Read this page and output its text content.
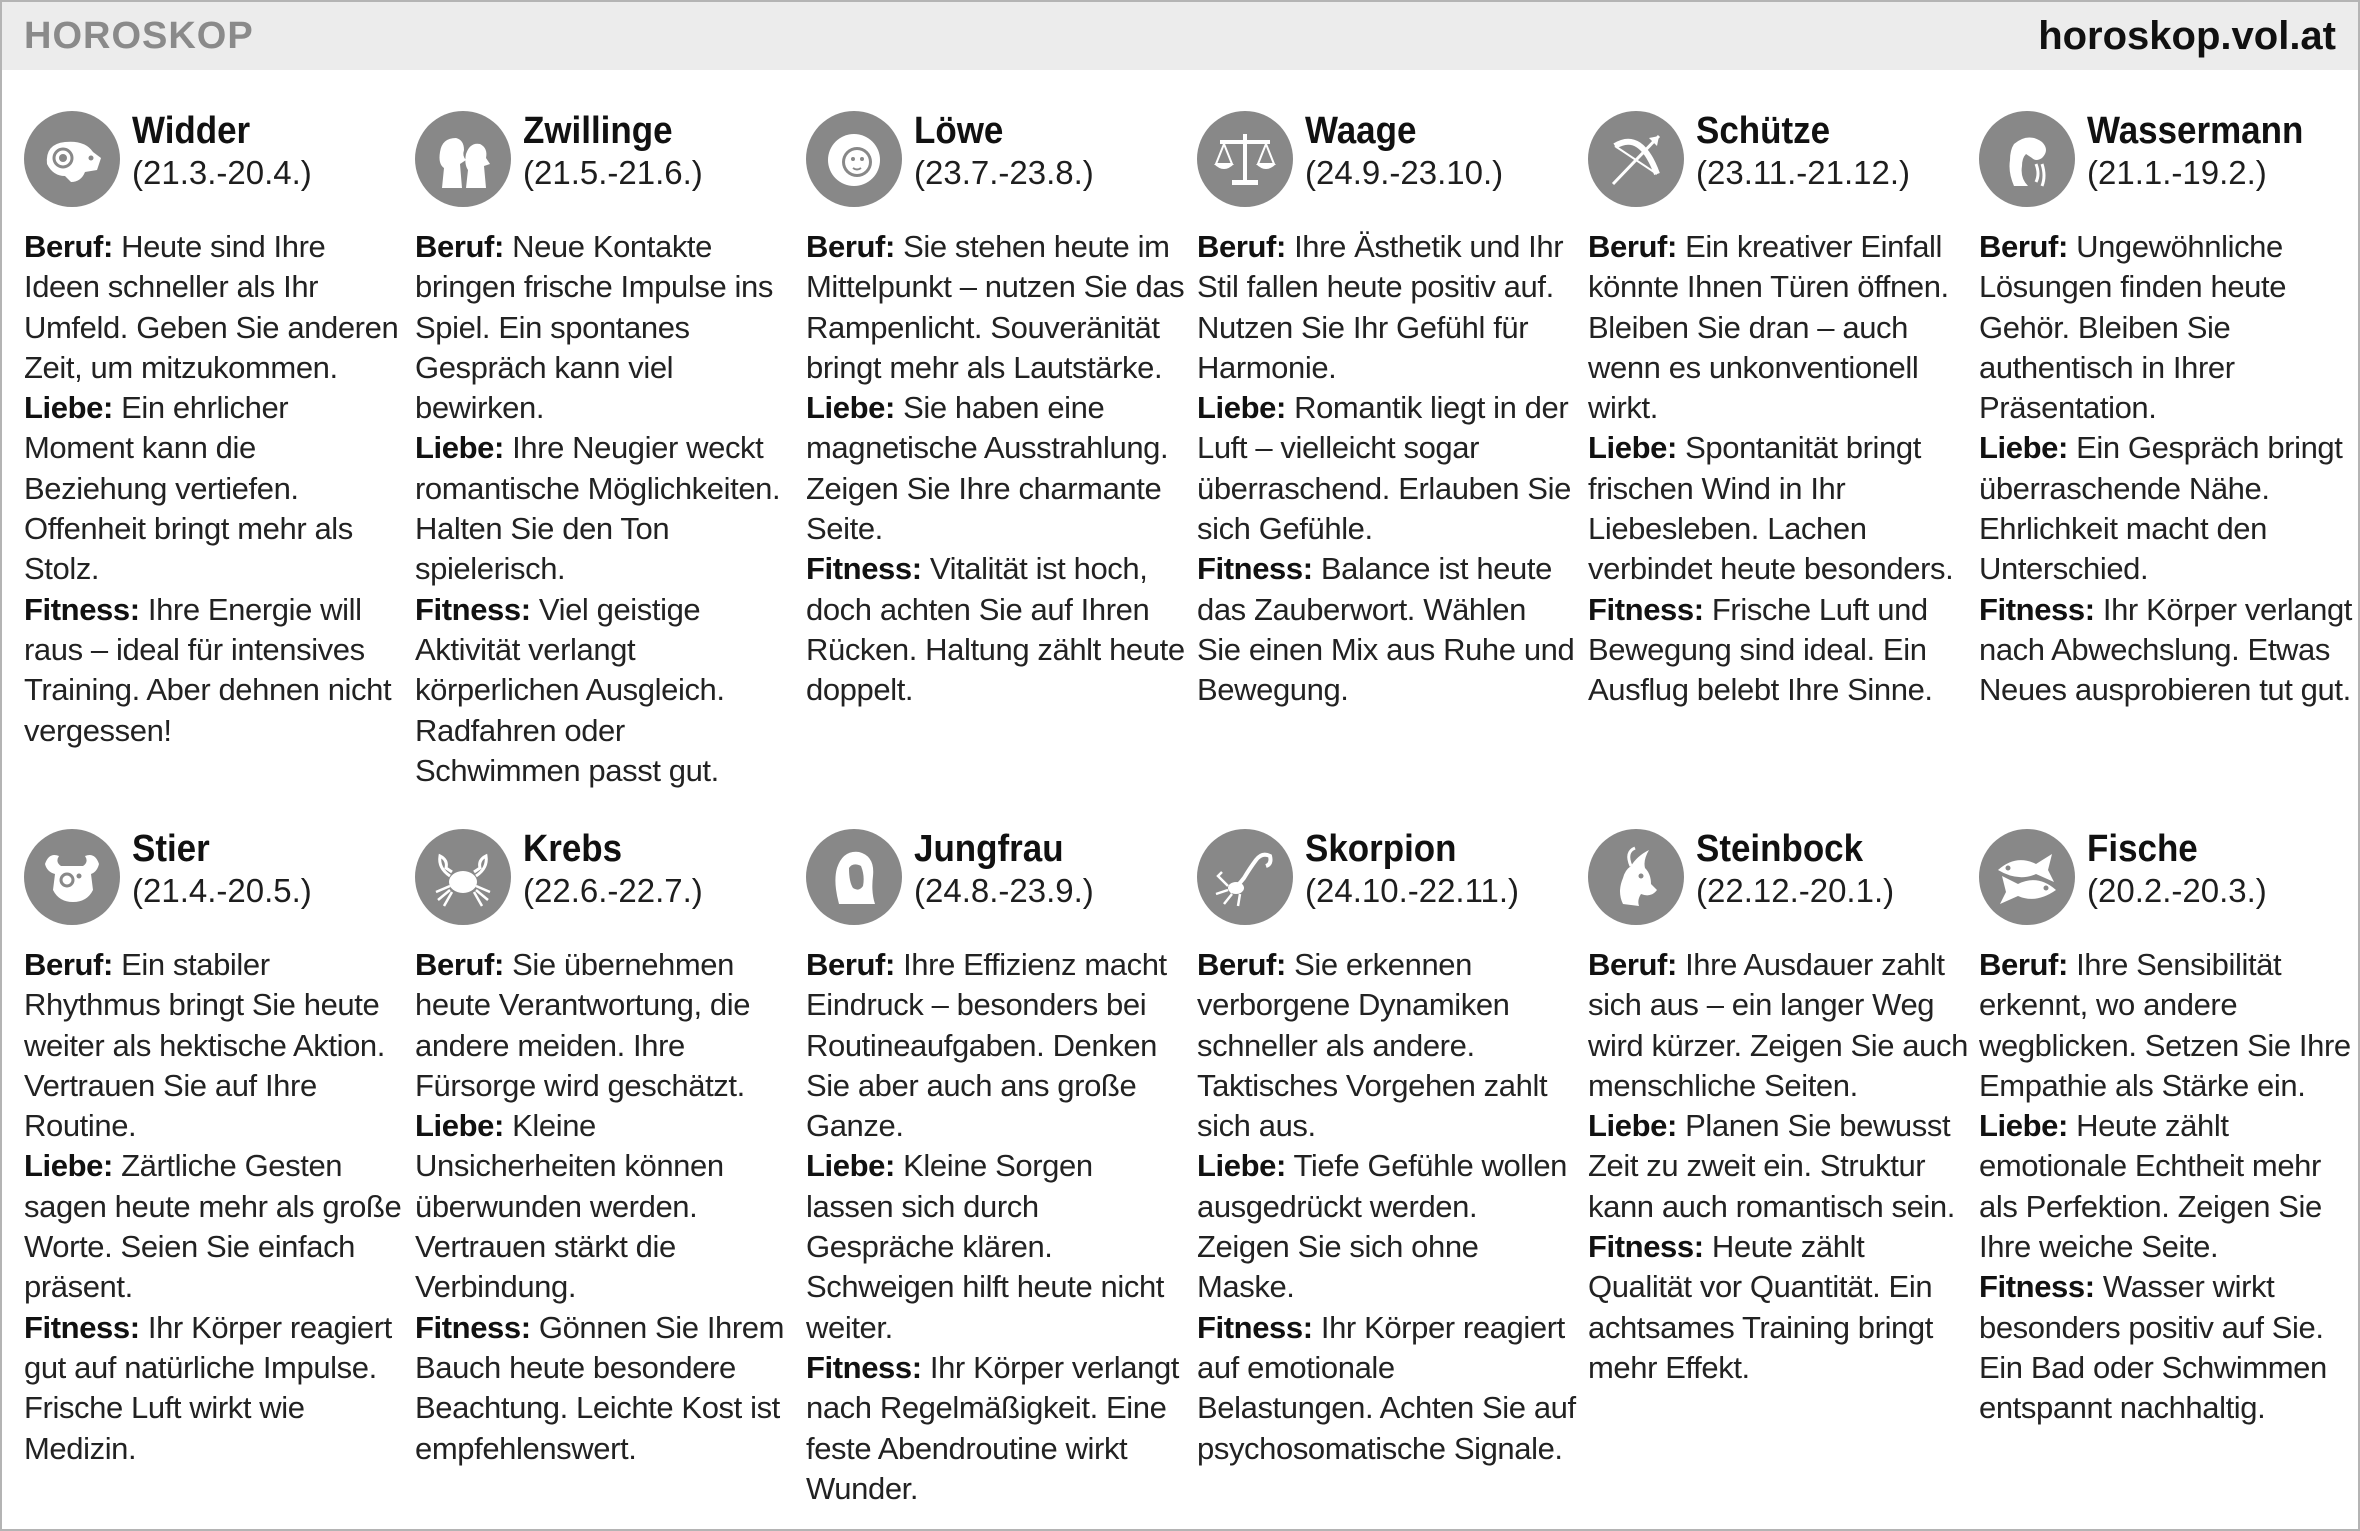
HOROSKOP	horoskop.vol.at
Widder
(21.3.-20.4.)

Beruf: Heute sind Ihre Ideen schneller als Ihr Umfeld. Geben Sie anderen Zeit, um mitzukommen.

Liebe: Ein ehrlicher Moment kann die Beziehung vertiefen. Offenheit bringt mehr als Stolz.

Fitness: Ihre Energie will raus – ideal für intensives Training. Aber dehnen nicht vergessen!

Zwillinge
(21.5.-21.6.)

Beruf: Neue Kontakte bringen frische Impulse ins Spiel. Ein spontanes Gespräch kann viel bewirken.

Liebe: Ihre Neugier weckt romantische Möglichkeiten. Halten Sie den Ton spielerisch.

Fitness: Viel geistige Aktivität verlangt körperlichen Ausgleich. Radfahren oder Schwimmen passt gut.

Löwe
(23.7.-23.8.)

Beruf: Sie stehen heute im Mittelpunkt – nutzen Sie das Rampenlicht. Souveränität bringt mehr als Lautstärke.

Liebe: Sie haben eine magnetische Ausstrahlung. Zeigen Sie Ihre charmante Seite.

Fitness: Vitalität ist hoch, doch achten Sie auf Ihren Rücken. Haltung zählt heute doppelt.

Waage
(24.9.-23.10.)

Beruf: Ihre Ästhetik und Ihr Stil fallen heute positiv auf. Nutzen Sie Ihr Gefühl für Harmonie.

Liebe: Romantik liegt in der Luft – vielleicht sogar überraschend. Erlauben Sie sich Gefühle.

Fitness: Balance ist heute das Zauberwort. Wählen Sie einen Mix aus Ruhe und Bewegung.

Schütze
(23.11.-21.12.)

Beruf: Ein kreativer Einfall könnte Ihnen Türen öffnen. Bleiben Sie dran – auch wenn es unkonventionell wirkt.

Liebe: Spontanität bringt frischen Wind in Ihr Liebesleben. Lachen verbindet heute besonders.

Fitness: Frische Luft und Bewegung sind ideal. Ein Ausflug belebt Ihre Sinne.

Wassermann
(21.1.-19.2.)

Beruf: Ungewöhnliche Lösungen finden heute Gehör. Bleiben Sie authentisch in Ihrer Präsentation.

Liebe: Ein Gespräch bringt überraschende Nähe. Ehrlichkeit macht den Unterschied.

Fitness: Ihr Körper verlangt nach Abwechslung. Etwas Neues ausprobieren tut gut.

Stier
(21.4.-20.5.)

Beruf: Ein stabiler Rhythmus bringt Sie heute weiter als hektische Aktion. Vertrauen Sie auf Ihre Routine.

Liebe: Zärtliche Gesten sagen heute mehr als große Worte. Seien Sie einfach präsent.

Fitness: Ihr Körper reagiert gut auf natürliche Impulse. Frische Luft wirkt wie Medizin.

Krebs
(22.6.-22.7.)

Beruf: Sie übernehmen heute Verantwortung, die andere meiden. Ihre Fürsorge wird geschätzt.

Liebe: Kleine Unsicherheiten können überwunden werden. Vertrauen stärkt die Verbindung.

Fitness: Gönnen Sie Ihrem Bauch heute besondere Beachtung. Leichte Kost ist empfehlenswert.

Jungfrau
(24.8.-23.9.)

Beruf: Ihre Effizienz macht Eindruck – besonders bei Routineaufgaben. Denken Sie aber auch ans große Ganze.

Liebe: Kleine Sorgen lassen sich durch Gespräche klären. Schweigen hilft heute nicht weiter.

Fitness: Ihr Körper verlangt nach Regelmäßigkeit. Eine feste Abendroutine wirkt Wunder.

Skorpion
(24.10.-22.11.)

Beruf: Sie erkennen verborgene Dynamiken schneller als andere. Taktisches Vorgehen zahlt sich aus.

Liebe: Tiefe Gefühle wollen ausgedrückt werden. Zeigen Sie sich ohne Maske.

Fitness: Ihr Körper reagiert auf emotionale Belastungen. Achten Sie auf psychosomatische Signale.

Steinbock
(22.12.-20.1.)

Beruf: Ihre Ausdauer zahlt sich aus – ein langer Weg wird kürzer. Zeigen Sie auch menschliche Seiten.

Liebe: Planen Sie bewusst Zeit zu zweit ein. Struktur kann auch romantisch sein.

Fitness: Heute zählt Qualität vor Quantität. Ein achtsames Training bringt mehr Effekt.

Fische
(20.2.-20.3.)

Beruf: Ihre Sensibilität erkennt, wo andere wegblicken. Setzen Sie Ihre Empathie als Stärke ein.

Liebe: Heute zählt emotionale Echtheit mehr als Perfektion. Zeigen Sie Ihre weiche Seite.

Fitness: Wasser wirkt besonders positiv auf Sie. Ein Bad oder Schwimmen entspannt nachhaltig.
